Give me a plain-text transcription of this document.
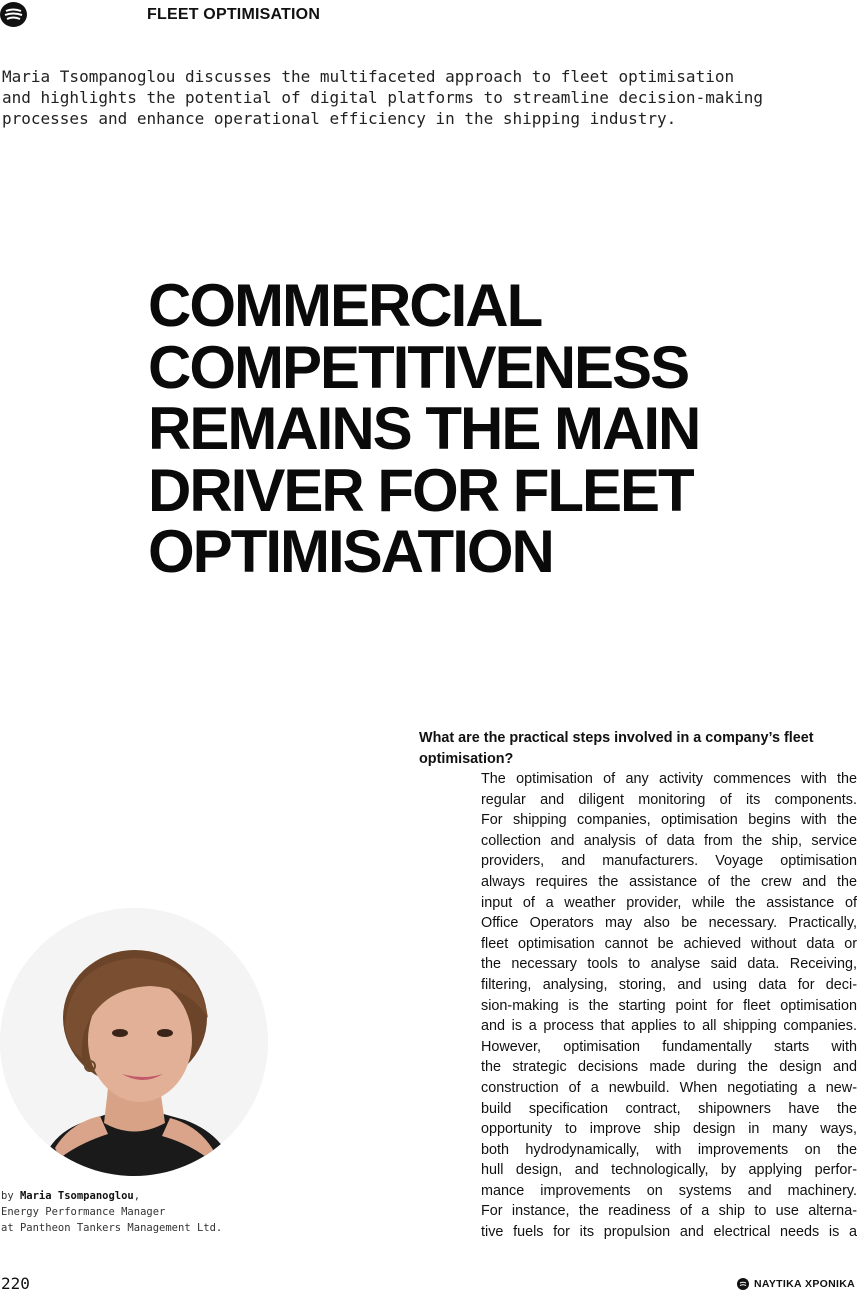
FLEET OPTIMISATION
Maria Tsompanoglou discusses the multifaceted approach to fleet optimisation
and highlights the potential of digital platforms to streamline decision-making
processes and enhance operational efficiency in the shipping industry.
COMMERCIAL
COMPETITIVENESS
REMAINS THE MAIN
DRIVER FOR FLEET
OPTIMISATION
What are the practical steps involved in a company’s fleet
optimisation?
The optimisation of any activity commences with the
regular and diligent monitoring of its components.
For shipping companies, optimisation begins with the
collection and analysis of data from the ship, service
providers, and manufacturers. Voyage optimisation
always requires the assistance of the crew and the
input of a weather provider, while the assistance of
Office Operators may also be necessary. Practically,
fleet optimisation cannot be achieved without data or
the necessary tools to analyse said data. Receiving,
filtering, analysing, storing, and using data for deci-
sion-making is the starting point for fleet optimisation
and is a process that applies to all shipping companies.
However, optimisation fundamentally starts with
the strategic decisions made during the design and
construction of a newbuild. When negotiating a new-
build specification contract, shipowners have the
opportunity to improve ship design in many ways,
both hydrodynamically, with improvements on the
hull design, and technologically, by applying perfor-
mance improvements on systems and machinery.
For instance, the readiness of a ship to use alterna-
tive fuels for its propulsion and electrical needs is a
by Maria Tsompanoglou,
Energy Performance Manager
at Pantheon Tankers Management Ltd.
220	ΝΑΥΤΙΚΑ ΧΡΟΝΙΚΑ
